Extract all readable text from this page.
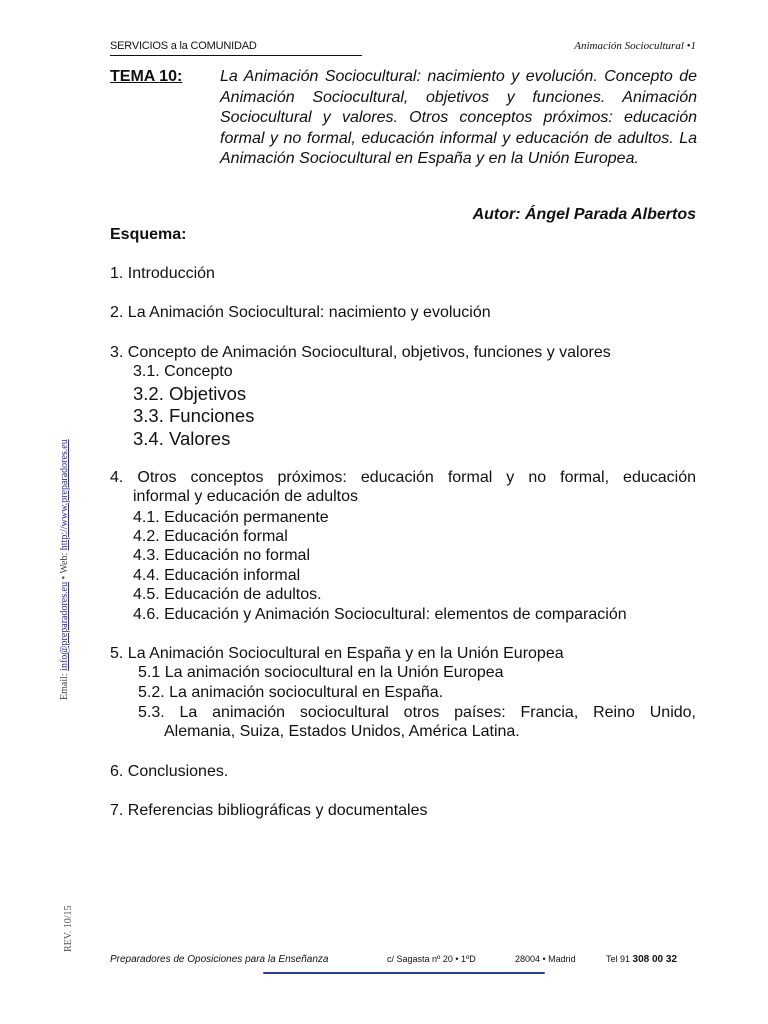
SERVICIOS a la COMUNIDAD	Animación Sociocultural •1
TEMA 10: La Animación Sociocultural: nacimiento y evolución. Concepto de Animación Sociocultural, objetivos y funciones. Animación Sociocultural y valores. Otros conceptos próximos: educación formal y no formal, educación informal y educación de adultos. La Animación Sociocultural en España y en la Unión Europea.
Autor: Ángel Parada Albertos
Esquema:
1. Introducción
2. La Animación Sociocultural: nacimiento y evolución
3. Concepto de Animación Sociocultural, objetivos, funciones y valores
3.1. Concepto
3.2. Objetivos
3.3. Funciones
3.4. Valores
4. Otros conceptos próximos: educación formal y no formal, educación
informal y educación de adultos
4.1. Educación permanente
4.2. Educación formal
4.3. Educación no formal
4.4. Educación informal
4.5. Educación de adultos.
4.6. Educación y Animación Sociocultural: elementos de comparación
5. La Animación Sociocultural en España y en la Unión Europea
5.1 La animación sociocultural en la Unión Europea
5.2. La animación sociocultural en España.
5.3. La animación sociocultural otros países: Francia, Reino Unido,
Alemania, Suiza, Estados Unidos, América Latina.
6. Conclusiones.
7. Referencias bibliográficas y documentales
Email: info@preparadores.eu • Web: http://www.preparadores.eu
REV. 10/15
Preparadores de Oposiciones para la Enseñanza	c/ Sagasta nº 20 • 1ºD	28004 • Madrid	Tel 91 308 00 32
